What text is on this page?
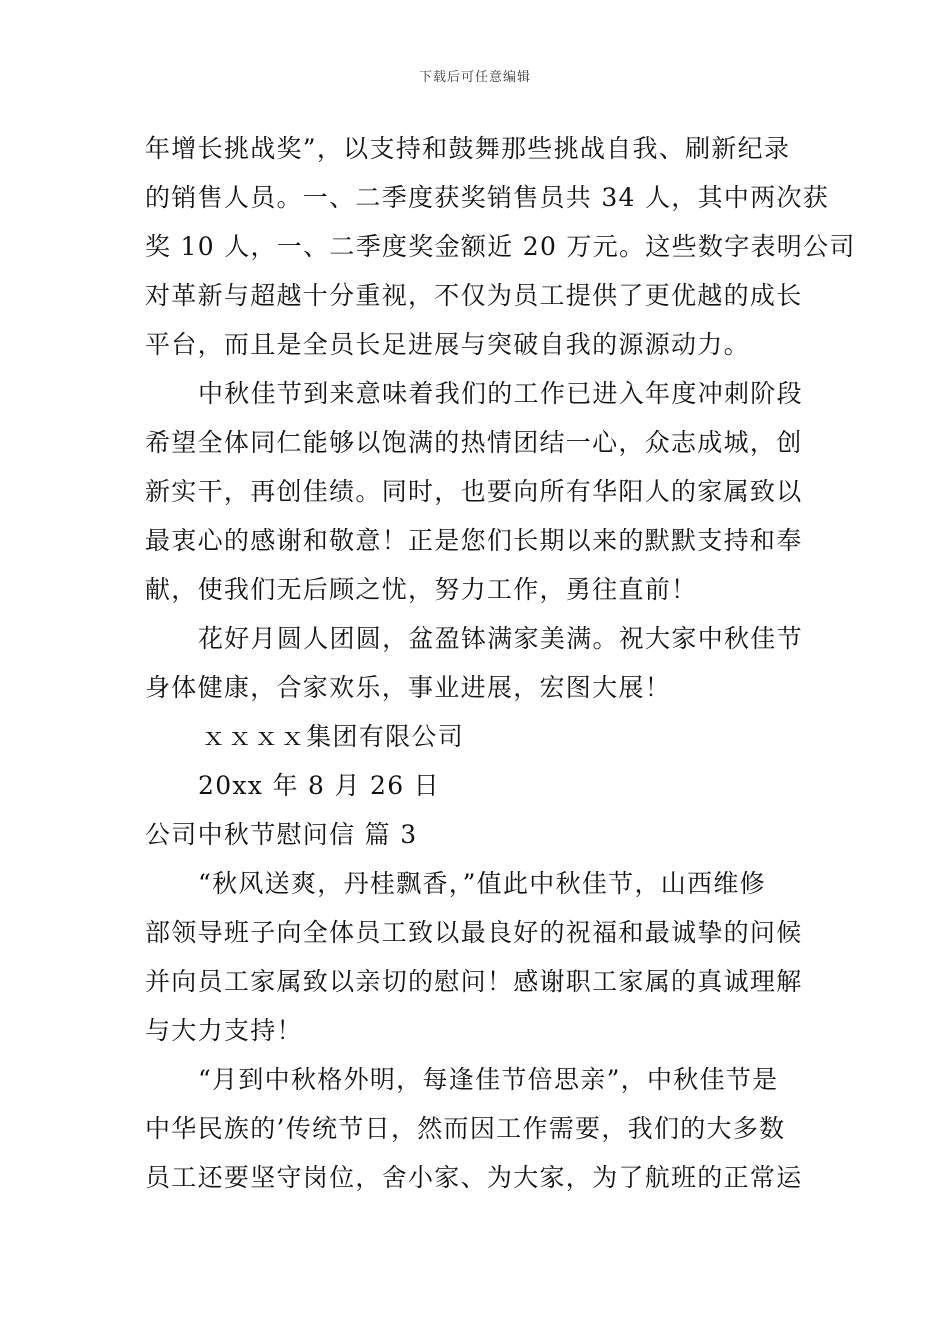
下载后可任意编辑
年增长挑战奖”，以支持和鼓舞那些挑战自我、刷新纪录
的销售人员。一、二季度获奖销售员共 34 人，其中两次获
奖 10 人，一、二季度奖金额近 20 万元。这些数字表明公司
对革新与超越十分重视，不仅为员工提供了更优越的成长
平台，而且是全员长足进展与突破自我的源源动力。
中秋佳节到来意味着我们的工作已进入年度冲刺阶段
希望全体同仁能够以饱满的热情团结一心，众志成城，创
新实干，再创佳绩。同时，也要向所有华阳人的家属致以
最衷心的感谢和敬意！正是您们长期以来的默默支持和奉
献，使我们无后顾之忧，努力工作，勇往直前！
花好月圆人团圆，盆盈钵满家美满。祝大家中秋佳节
身体健康，合家欢乐，事业进展，宏图大展！
ｘｘｘｘ集团有限公司
20xx 年 8 月 26 日
公司中秋节慰问信 篇 3
“秋风送爽，丹桂飘香，”值此中秋佳节，山西维修
部领导班子向全体员工致以最良好的祝福和最诚挚的问候
并向员工家属致以亲切的慰问！感谢职工家属的真诚理解
与大力支持！
“月到中秋格外明，每逢佳节倍思亲”，中秋佳节是
中华民族的’传统节日，然而因工作需要，我们的大多数
员工还要坚守岗位，舍小家、为大家，为了航班的正常运
